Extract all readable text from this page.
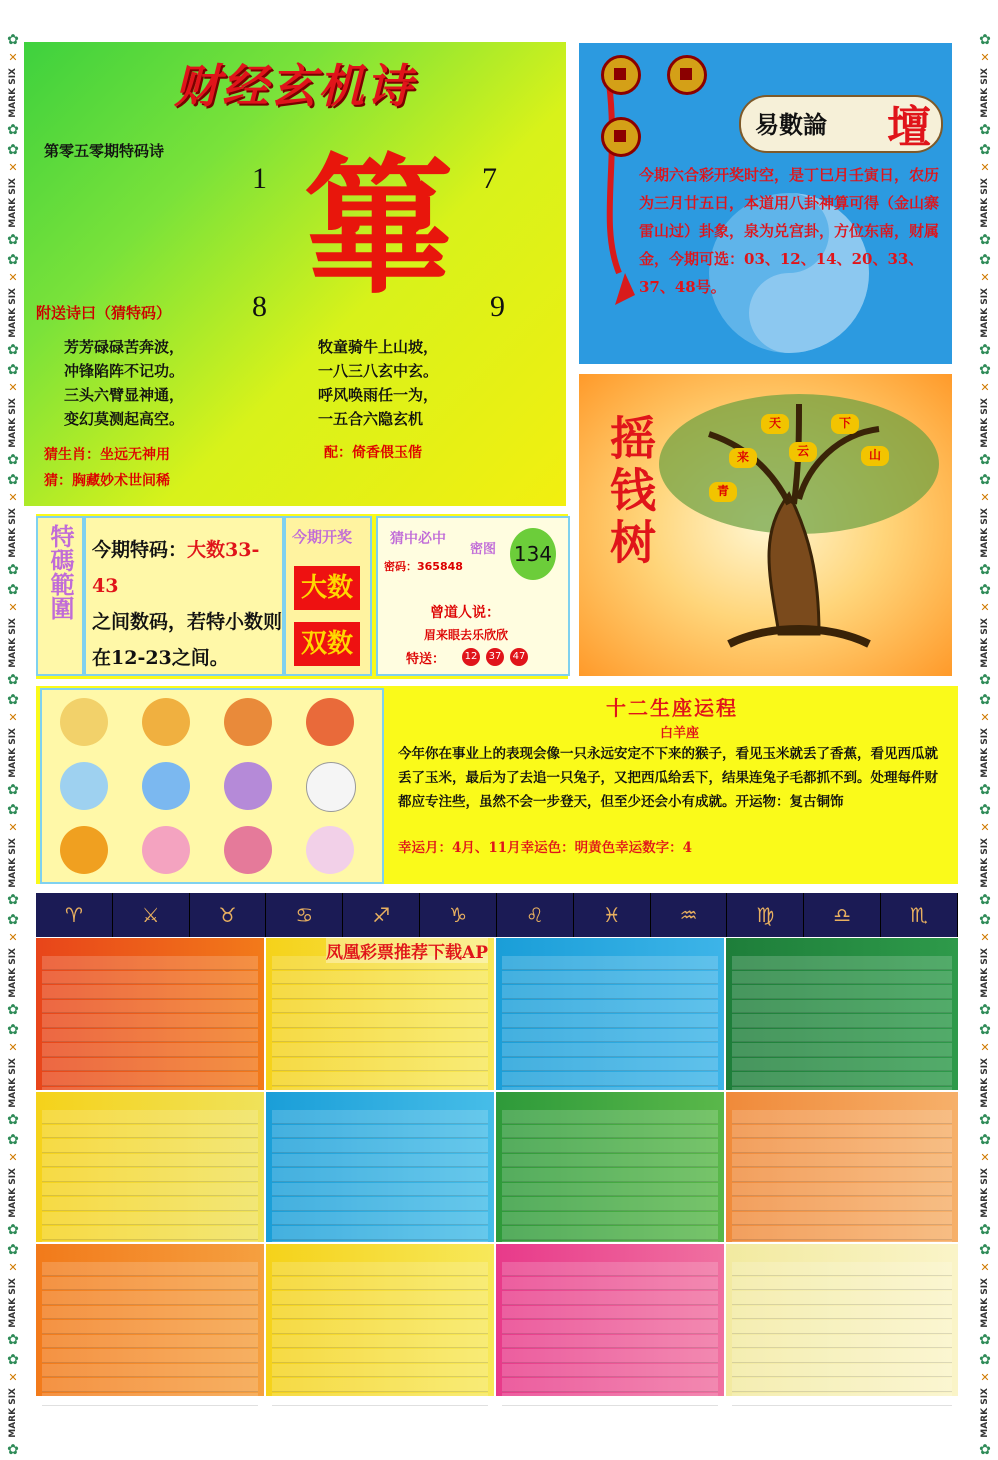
✿
✕
MARK SIX
✿
✿
✕
MARK SIX
✿
✿
✕
MARK SIX
✿
✿
✕
MARK SIX
✿
✿
✕
MARK SIX
✿
✿
✕
MARK SIX
✿
✿
✕
MARK SIX
✿
✿
✕
MARK SIX
✿
✿
✕
MARK SIX
✿
✿
✕
MARK SIX
✿
✿
✕
MARK SIX
✿
✿
✕
MARK SIX
✿
✿
✕
MARK SIX
✿
✿
✕
MARK SIX
✿
✿
✕
MARK SIX
✿
✿
✕
MARK SIX
✿
✿
✕
MARK SIX
✿
✿
✕
MARK SIX
✿
✿
✕
MARK SIX
✿
✿
✕
MARK SIX
✿
✿
✕
MARK SIX
✿
✿
✕
MARK SIX
✿
✿
✕
MARK SIX
✿
✿
✕
MARK SIX
✿
✿
✕
MARK SIX
✿
✿
✕
MARK SIX
✿
财经玄机诗
第零五零期特码诗
1	7
8	9
篳
附送诗曰（猜特码）
芳芳碌碌苦奔波，
冲锋陷阵不记功。
三头六臂显神通，
变幻莫测起高空。
牧童骑牛上山坡，
一八三八玄中玄。
呼风唤雨任一为，
一五合六隐玄机
猜生肖：坐远无神用
猜：胸藏妙术世间稀
配：倚香偎玉偕
易數論 壇
今期六合彩开奖时空，是丁巳月壬寅日，农历为三月廿五日，本道用八卦神算可得（金山寨雷山过）卦象，泉为兑宫卦，方位东南，财属金，今期可选：03、12、14、20、33、37、48号。
摇钱树	天	下
云	山
来
青
特碼範圍 今期特码：大数33-43
之间数码，若特小数则
在12-23之间。
今期开奖
大数
双数
猜中必中
密图 134
密码：365848
曾道人说：
眉来眼去乐欣欣
特送： 12 37 47
十二生座运程
白羊座
今年你在事业上的表现会像一只永远安定不下来的猴子，看见玉米就丢了香蕉，看见西瓜就丢了玉米，最后为了去追一只兔子，又把西瓜给丢下，结果连兔子毛都抓不到。处理每件财都应专注些，虽然不会一步登天，但至少还会小有成就。开运物：复古铜饰
幸运月：4月、11月幸运色：明黄色幸运数字：4
♈	⚔	♉	♋	♐	♑	♌	♓	♒	♍	♎	♏
凤凰彩票推荐下载AP
